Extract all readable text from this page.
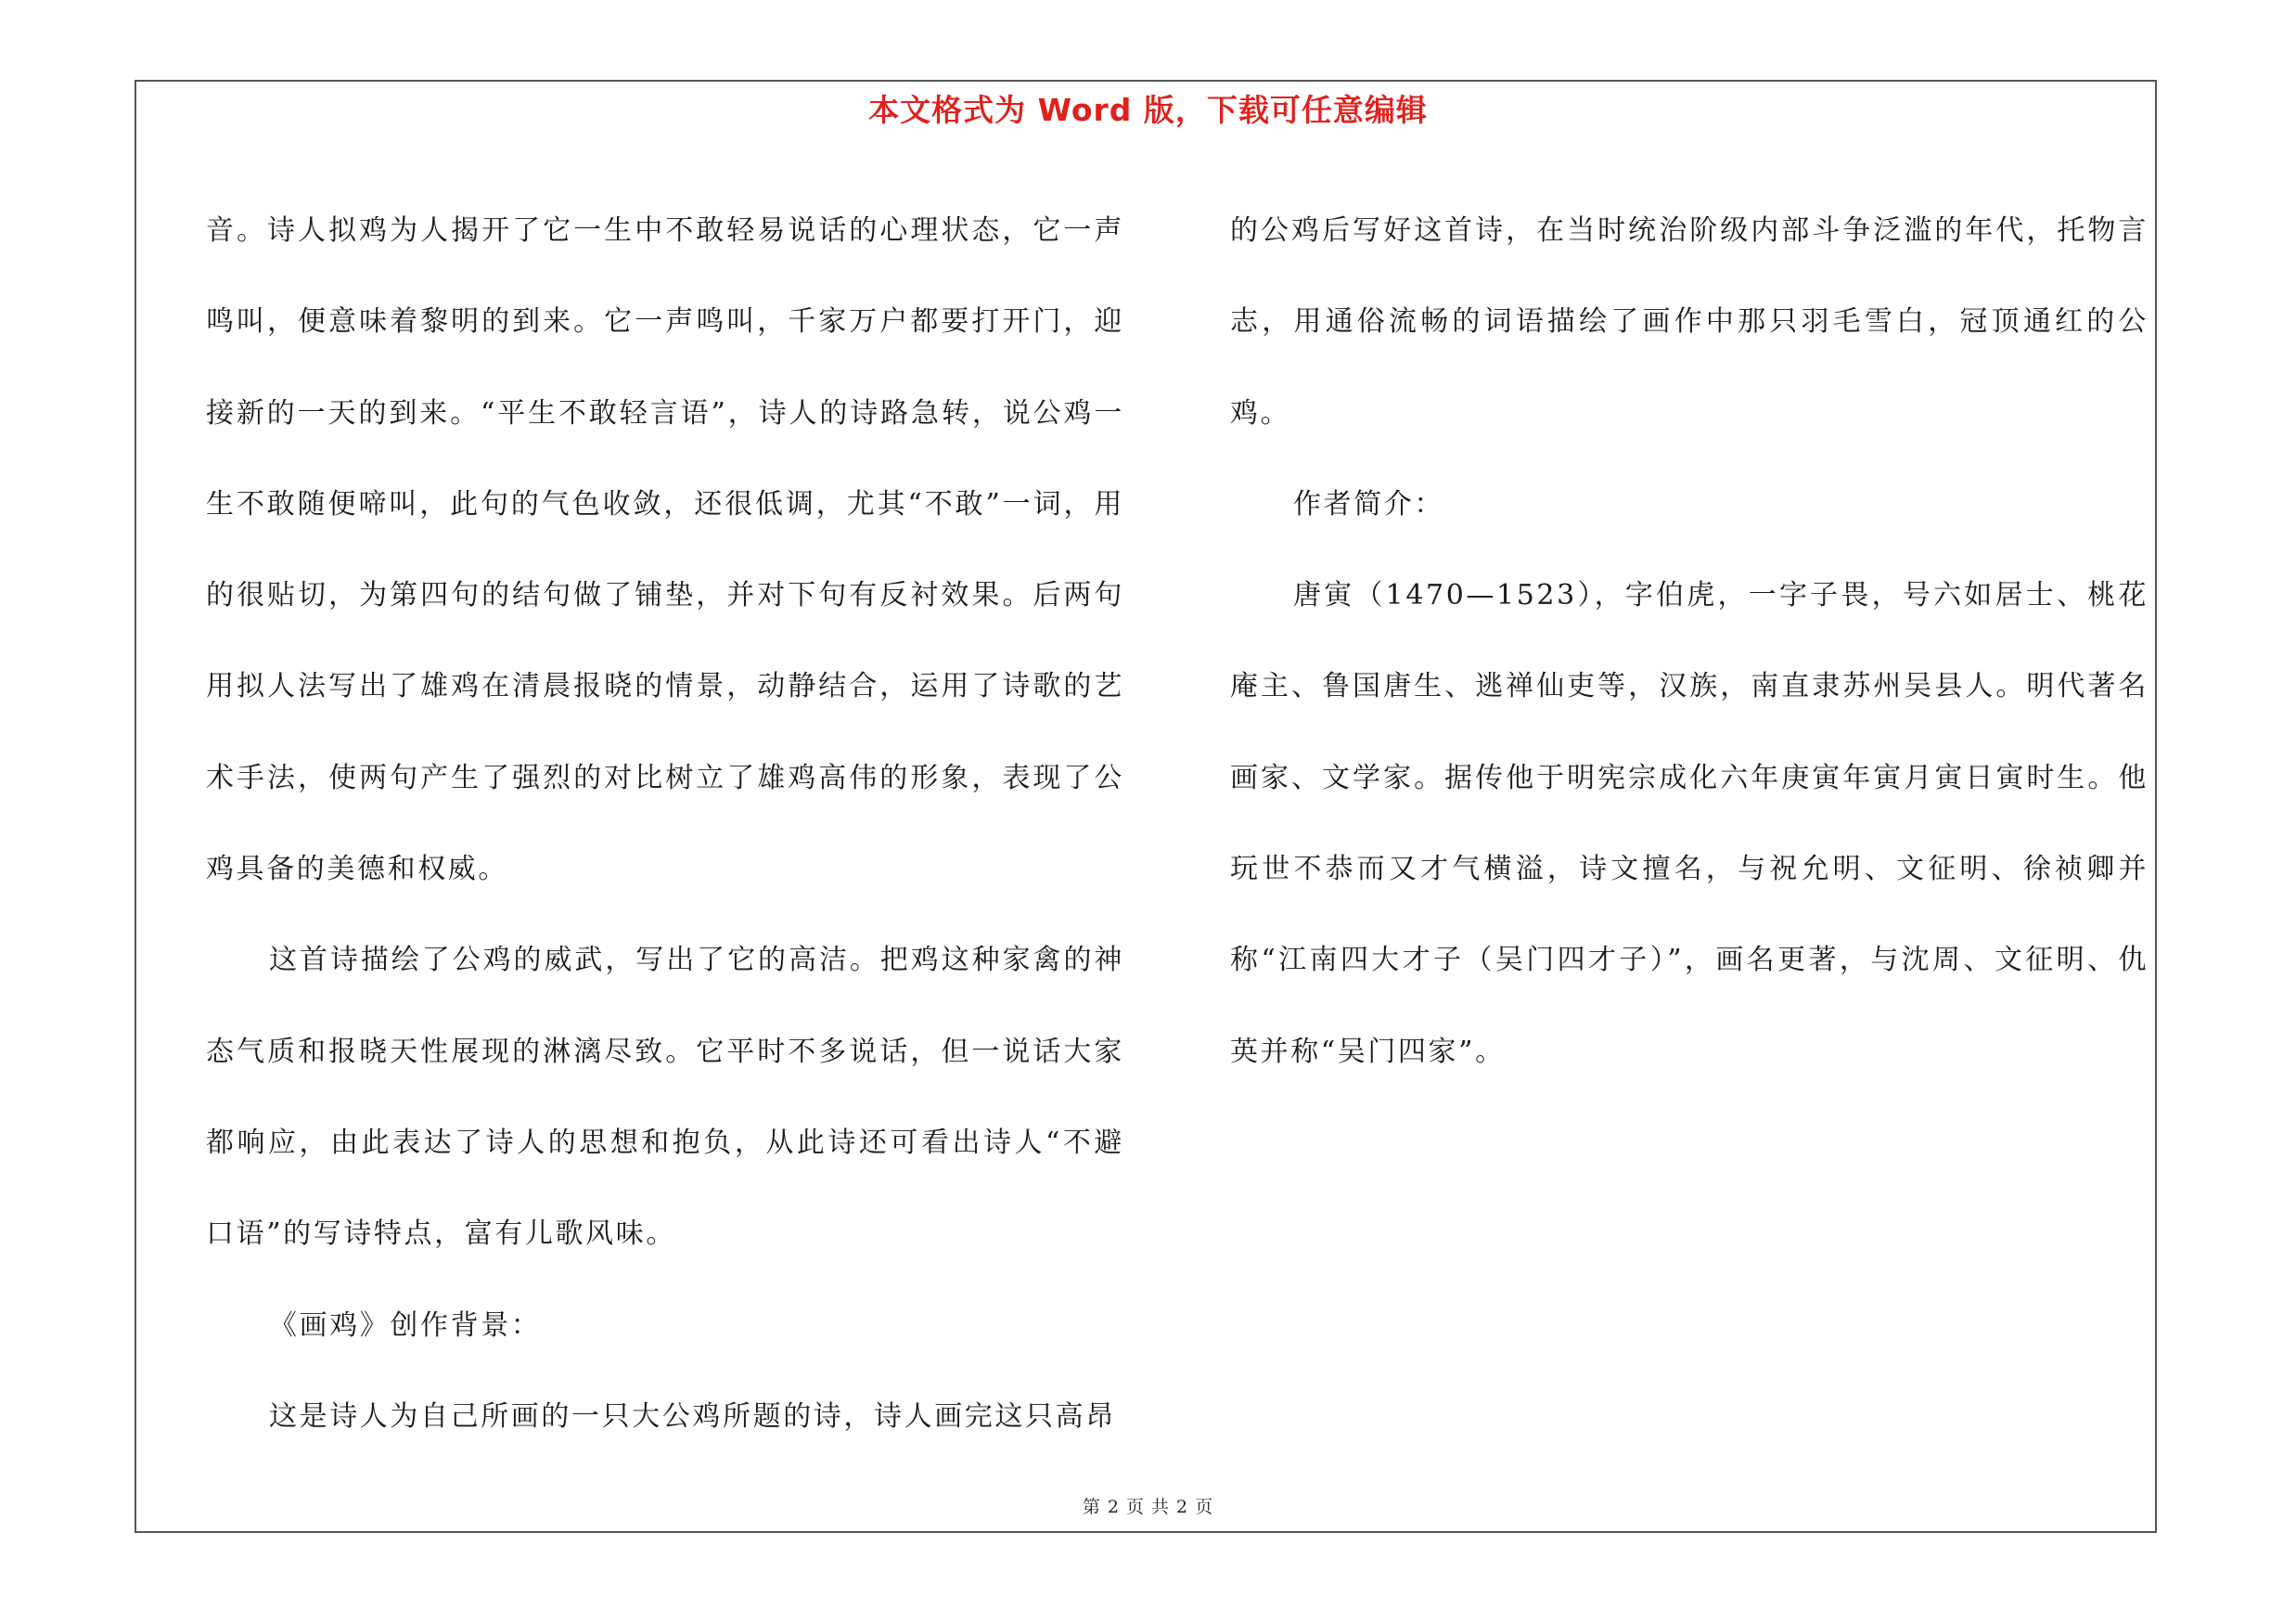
本文格式为 Word 版，下载可任意编辑

音。诗人拟鸡为人揭开了它一生中不敢轻易说话的心理状态，它一声鸣叫，便意味着黎明的到来。它一声鸣叫，千家万户都要打开门，迎接新的一天的到来。“平生不敢轻言语”，诗人的诗路急转，说公鸡一生不敢随便啼叫，此句的气色收敛，还很低调，尤其“不敢”一词，用的很贴切，为第四句的结句做了铺垫，并对下句有反衬效果。后两句用拟人法写出了雄鸡在清晨报晓的情景，动静结合，运用了诗歌的艺术手法，使两句产生了强烈的对比树立了雄鸡高伟的形象，表现了公鸡具备的美德和权威。

这首诗描绘了公鸡的威武，写出了它的高洁。把鸡这种家禽的神态气质和报晓天性展现的淋漓尽致。它平时不多说话，但一说话大家都响应，由此表达了诗人的思想和抱负，从此诗还可看出诗人“不避口语”的写诗特点，富有儿歌风味。

《画鸡》创作背景：

这是诗人为自己所画的一只大公鸡所题的诗，诗人画完这只高昂

的公鸡后写好这首诗，在当时统治阶级内部斗争泛滥的年代，托物言志，用通俗流畅的词语描绘了画作中那只羽毛雪白，冠顶通红的公鸡。

作者简介：

唐寅（1470—1523），字伯虎，一字子畏，号六如居士、桃花庵主、鲁国唐生、逃禅仙吏等，汉族，南直隶苏州吴县人。明代著名画家、文学家。据传他于明宪宗成化六年庚寅年寅月寅日寅时生。他玩世不恭而又才气横溢，诗文擅名，与祝允明、文征明、徐祯卿并称“江南四大才子（吴门四才子）”，画名更著，与沈周、文征明、仇英并称“吴门四家”。

第 2 页 共 2 页
